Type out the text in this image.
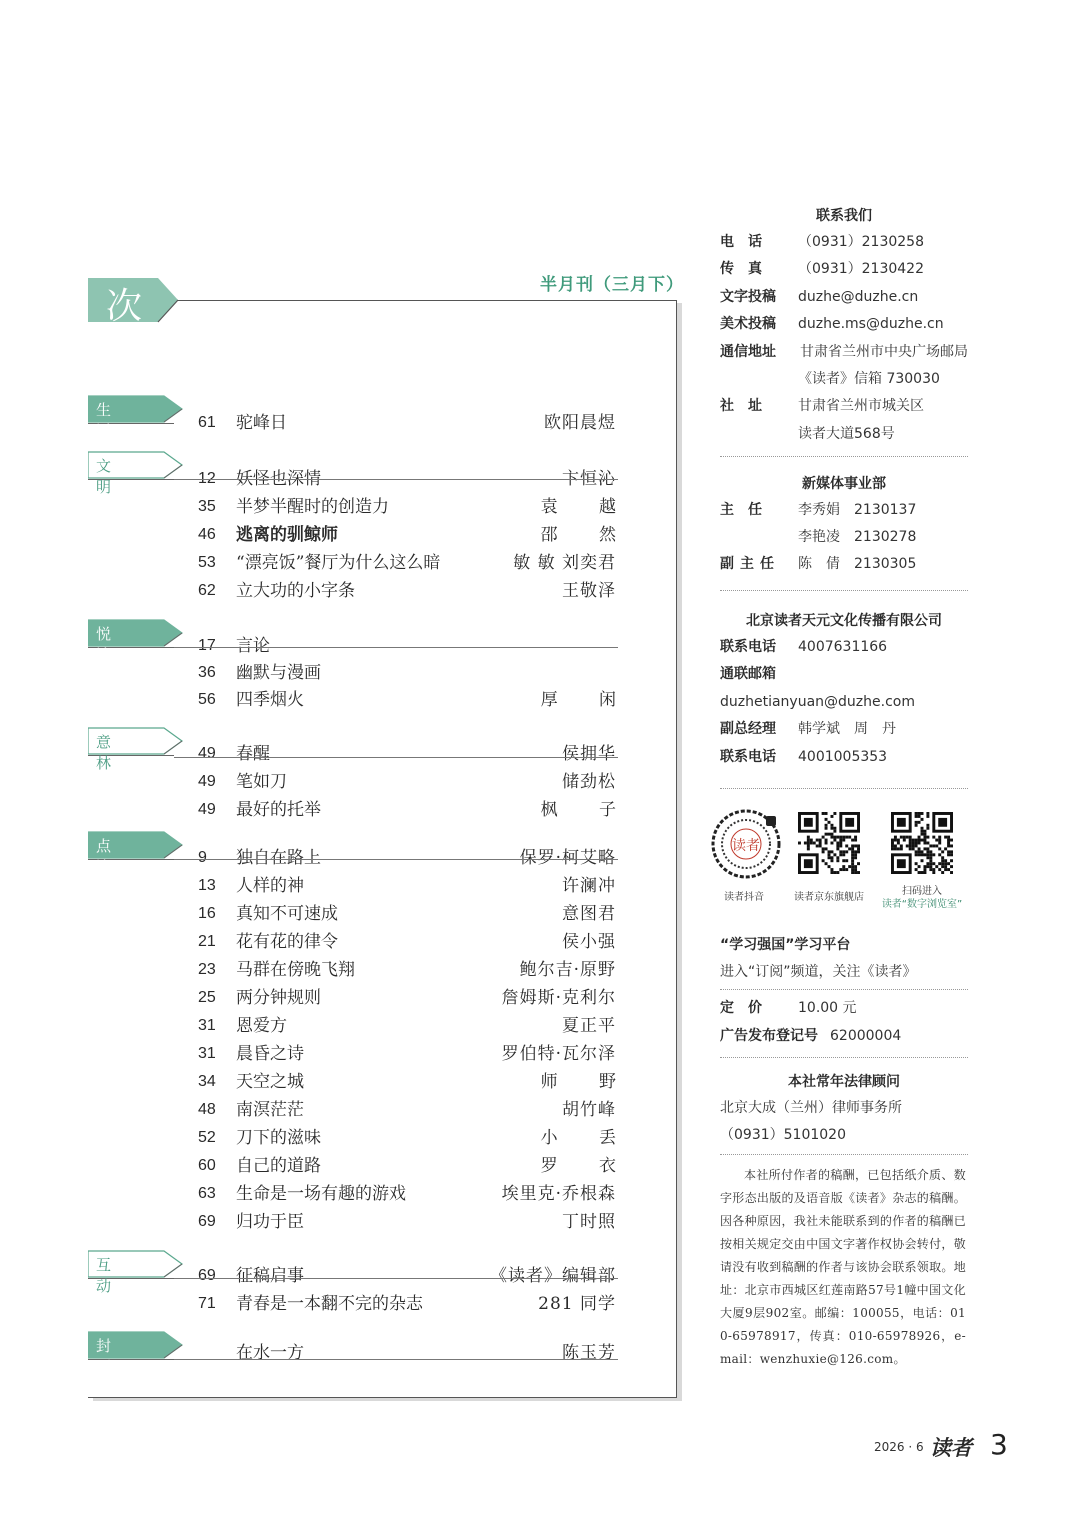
次
半月刊（三月下）
生 活	61	驼峰日	欧阳晨煜
文 明	12	妖怪也深情	卞恒沁
35	半梦半醒时的创造力	袁 越
46	逃离的驯鲸师	邵 然
53	“漂亮饭”餐厅为什么这么暗	敏 敏 刘奕君
62	立大功的小字条	王敬泽
悦 读
17	言论
36	幽默与漫画
56	四季烟火	厚 闲
意 林
49	春醒	侯拥华
49	笔如刀	储劲松
49	最好的托举	枫 子
点 滴
9	独自在路上	保罗·柯艾略
13	人样的神	许澜冲
16	真知不可速成	意图君
21	花有花的律令	侯小强
23	马群在傍晚飞翔	鲍尔吉·原野
25	两分钟规则	詹姆斯·克利尔
31	恩爱方	夏正平
31	晨昏之诗	罗伯特·瓦尔泽
34	天空之城	师 野
48	南溟茫茫	胡竹峰
52	刀下的滋味	小 丢
60	自己的道路	罗 衣
63	生命是一场有趣的游戏	埃里克·乔根森
69	归功于臣	丁时照
互 动
69	征稿启事	《读者》编辑部
71	青春是一本翻不完的杂志	281 同学
封 面
在水一方	陈玉芳
联系我们
电　话	（0931）2130258
传　真	（0931）2130422
文字投稿 duzhe@duzhe.cn
美术投稿 duzhe.ms@duzhe.cn
通信地址 甘肃省兰州市中央广场邮局
《读者》信箱 730030
社　址	甘肃省兰州市城关区
读者大道568号
新媒体事业部
主　任	李秀娟　2130137
李艳凌　2130278
副主任 陈　倩　2130305
北京读者天元文化传播有限公司
联系电话 4007631166
通联邮箱
duzhetianyuan@duzhe.com
副总经理 韩学斌　周　丹
联系电话 4001005353
读者
读者抖音	读者京东旗舰店
扫码进入
读者“数字浏览室”
“学习强国”学习平台
进入“订阅”频道，关注《读者》
定　价	10.00 元
广告发布登记号 62000004
本社常年法律顾问
北京大成（兰州）律师事务所
（0931）5101020
本社所付作者的稿酬，已包括纸介质、数字形态出版的及语音版《读者》杂志的稿酬。因各种原因，我社未能联系到的作者的稿酬已按相关规定交由中国文字著作权协会转付，敬请没有收到稿酬的作者与该协会联系领取。地址：北京市西城区红莲南路57号1幢中国文化大厦9层902室。邮编：100055，电话：010-65978917，传真：010-65978926，e-mail：wenzhuxie@126.com。
2026 · 6 读者 3
